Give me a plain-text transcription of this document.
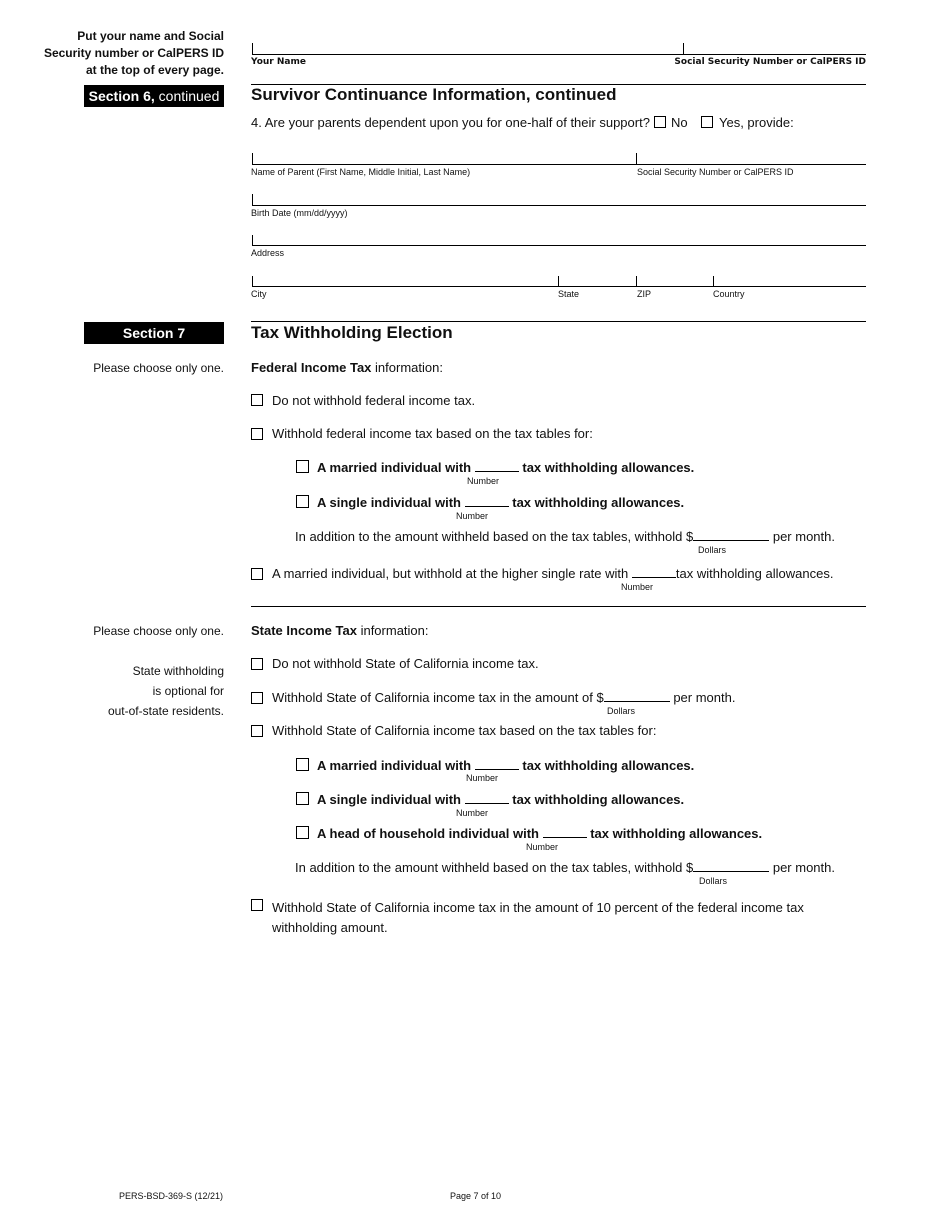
Put your name and Social
Security number or CalPERS ID
at the top of every page.
Your Name	Social Security Number or CalPERS ID
Section 6, continued Survivor Continuance Information, continued
4. Are your parents dependent upon you for one-half of their support? No Yes, provide:
Name of Parent (First Name, Middle Initial, Last Name)	Social Security Number or CalPERS ID
Birth Date (mm/dd/yyyy)
Address
City	State	ZIP	Country
Section 7	Tax Withholding Election
Please choose only one. Federal Income Tax information:
Do not withhold federal income tax.
Withhold federal income tax based on the tax tables for:
A married individual with	tax withholding allowances.
Number
A single individual with	tax withholding allowances.
Number
In addition to the amount withheld based on the tax tables, withhold $	per month.
Dollars
A married individual, but withhold at the higher single rate with	tax withholding allowances.
Number
Please choose only one.
State withholding
is optional for
out-of-state residents.
State Income Tax information:
Do not withhold State of California income tax.
Withhold State of California income tax in the amount of $	per month.
Dollars
Withhold State of California income tax based on the tax tables for:
A married individual with	tax withholding allowances.
Number
A single individual with	tax withholding allowances.
Number
A head of household individual with	tax withholding allowances.
Number
In addition to the amount withheld based on the tax tables, withhold $	per month.
Dollars
Withhold State of California income tax in the amount of 10 percent of the federal income tax
withholding amount.
PERS-BSD-369-S (12/21)	Page 7 of 10
